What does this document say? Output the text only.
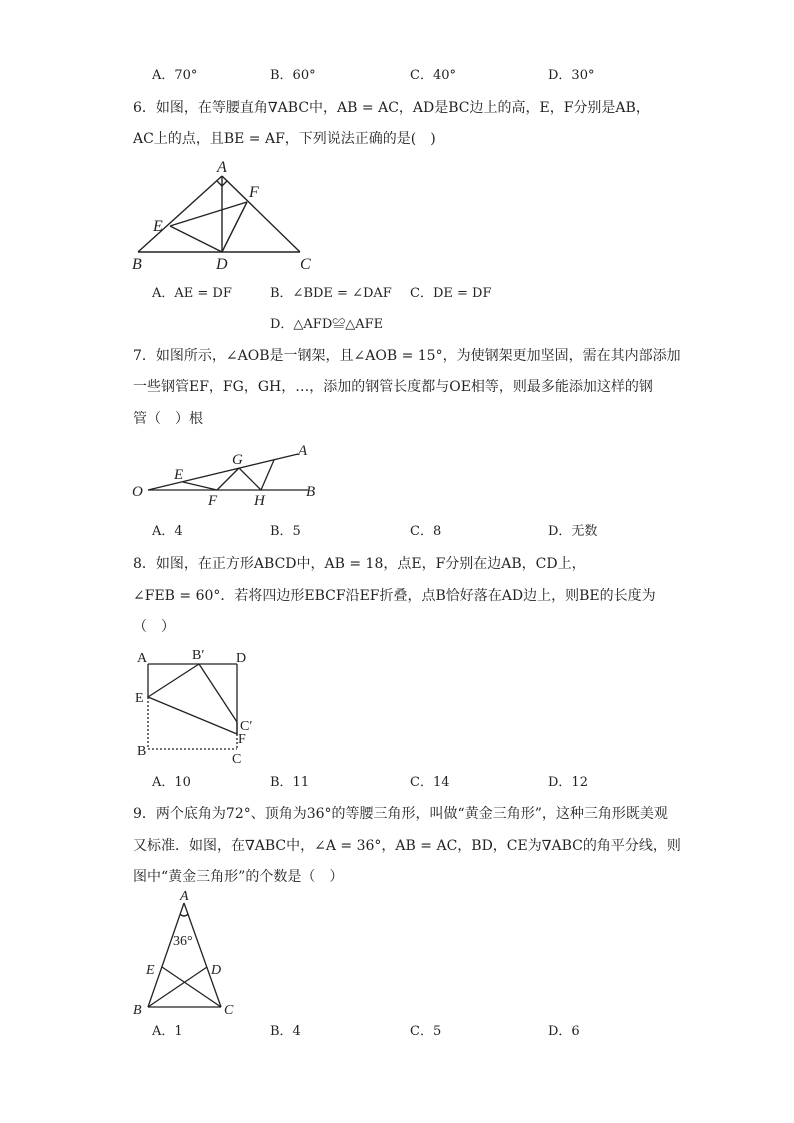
A．70°	B．60°	C．40°	D．30°
6．如图，在等腰直角∇ABC中，AB = AC，AD是BC边上的高，E，F分别是AB，
AC上的点，且BE = AF，下列说法正确的是(　)
A
F
E
B	D	C
A．AE = DF	B．∠BDE = ∠DAF C．DE = DF
D．△AFD≌△AFE
7．如图所示，∠AOB是一钢架，且∠AOB = 15°，为使钢架更加坚固，需在其内部添加
一些钢管EF，FG，GH，…，添加的钢管长度都与OE相等，则最多能添加这样的钢
管（　）根
O
E
F
G
H
A
B
A．4	B．5	C．8	D．无数
8．如图，在正方形ABCD中，AB = 18，点E，F分别在边AB，CD上，
∠FEB = 60°．若将四边形EBCF沿EF折叠，点B恰好落在AD边上，则BE的长度为
（　）
A	B′ D
E
C′
F
B
C
A．10	B．11	C．14	D．12
9．两个底角为72°、顶角为36°的等腰三角形，叫做“黄金三角形”，这种三角形既美观
又标准．如图，在∇ABC中，∠A = 36°，AB = AC，BD，CE为∇ABC的角平分线，则
图中“黄金三角形”的个数是（　）
A
36°
E	D
B	C
A．1	B．4	C．5	D．6
